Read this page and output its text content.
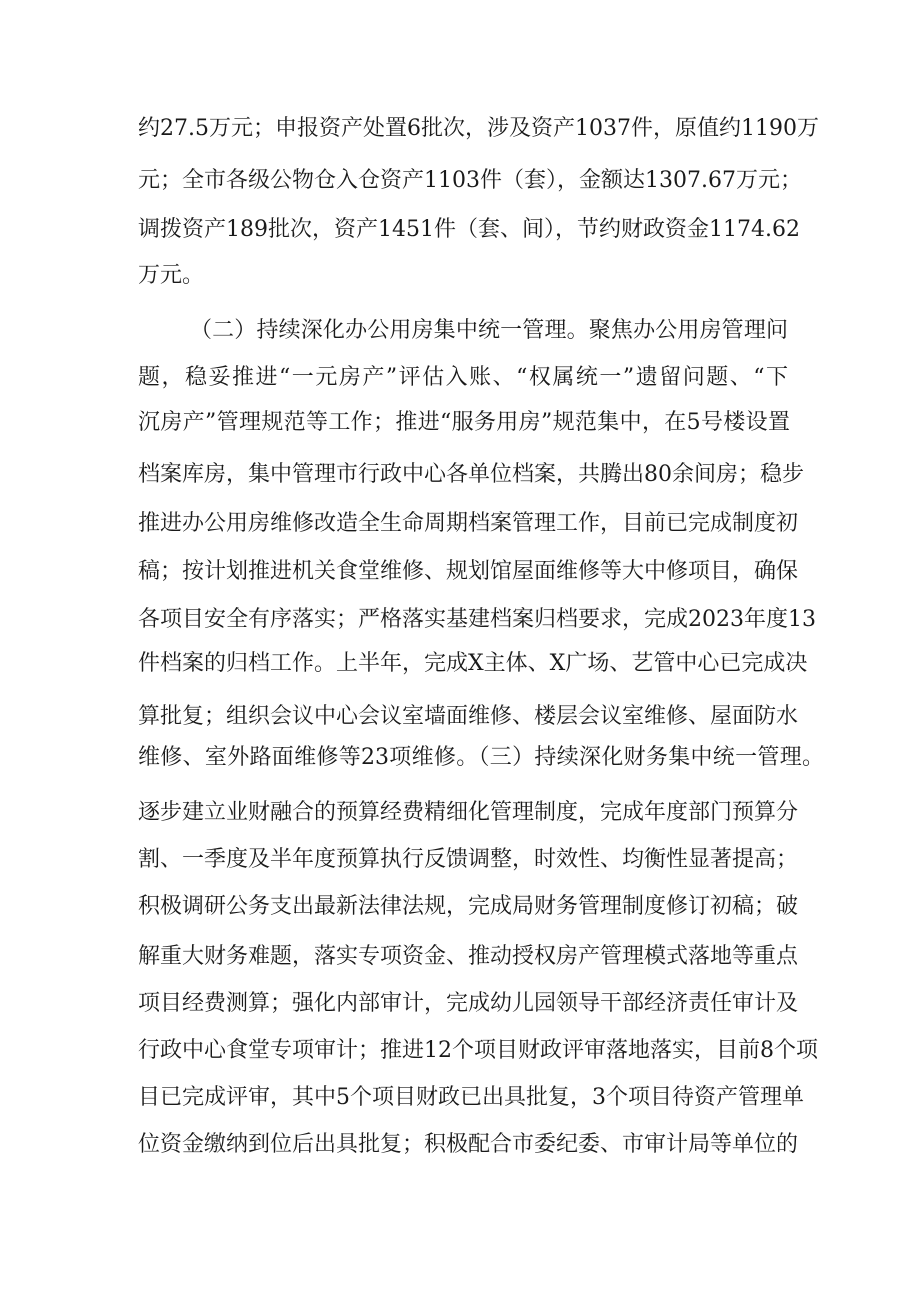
约27.5万元；申报资产处置6批次，涉及资产1037件，原值约1190万
元；全市各级公物仓入仓资产1103件（套），金额达1307.67万元；
调拨资产189批次，资产1451件（套、间），节约财政资金1174.62
万元。
（二）持续深化办公用房集中统一管理。聚焦办公用房管理问
题，稳妥推进“一元房产”评估入账、“权属统一”遗留问题、“下
沉房产”管理规范等工作；推进“服务用房”规范集中，在5号楼设置
档案库房，集中管理市行政中心各单位档案，共腾出80余间房；稳步
推进办公用房维修改造全生命周期档案管理工作，目前已完成制度初
稿；按计划推进机关食堂维修、规划馆屋面维修等大中修项目，确保
各项目安全有序落实；严格落实基建档案归档要求，完成2023年度13
件档案的归档工作。上半年，完成X主体、X广场、艺管中心已完成决
算批复；组织会议中心会议室墙面维修、楼层会议室维修、屋面防水
维修、室外路面维修等23项维修。（三）持续深化财务集中统一管理。
逐步建立业财融合的预算经费精细化管理制度，完成年度部门预算分
割、一季度及半年度预算执行反馈调整，时效性、均衡性显著提高；
积极调研公务支出最新法律法规，完成局财务管理制度修订初稿；破
解重大财务难题，落实专项资金、推动授权房产管理模式落地等重点
项目经费测算；强化内部审计，完成幼儿园领导干部经济责任审计及
行政中心食堂专项审计；推进12个项目财政评审落地落实，目前8个项
目已完成评审，其中5个项目财政已出具批复，3个项目待资产管理单
位资金缴纳到位后出具批复；积极配合市委纪委、市审计局等单位的
